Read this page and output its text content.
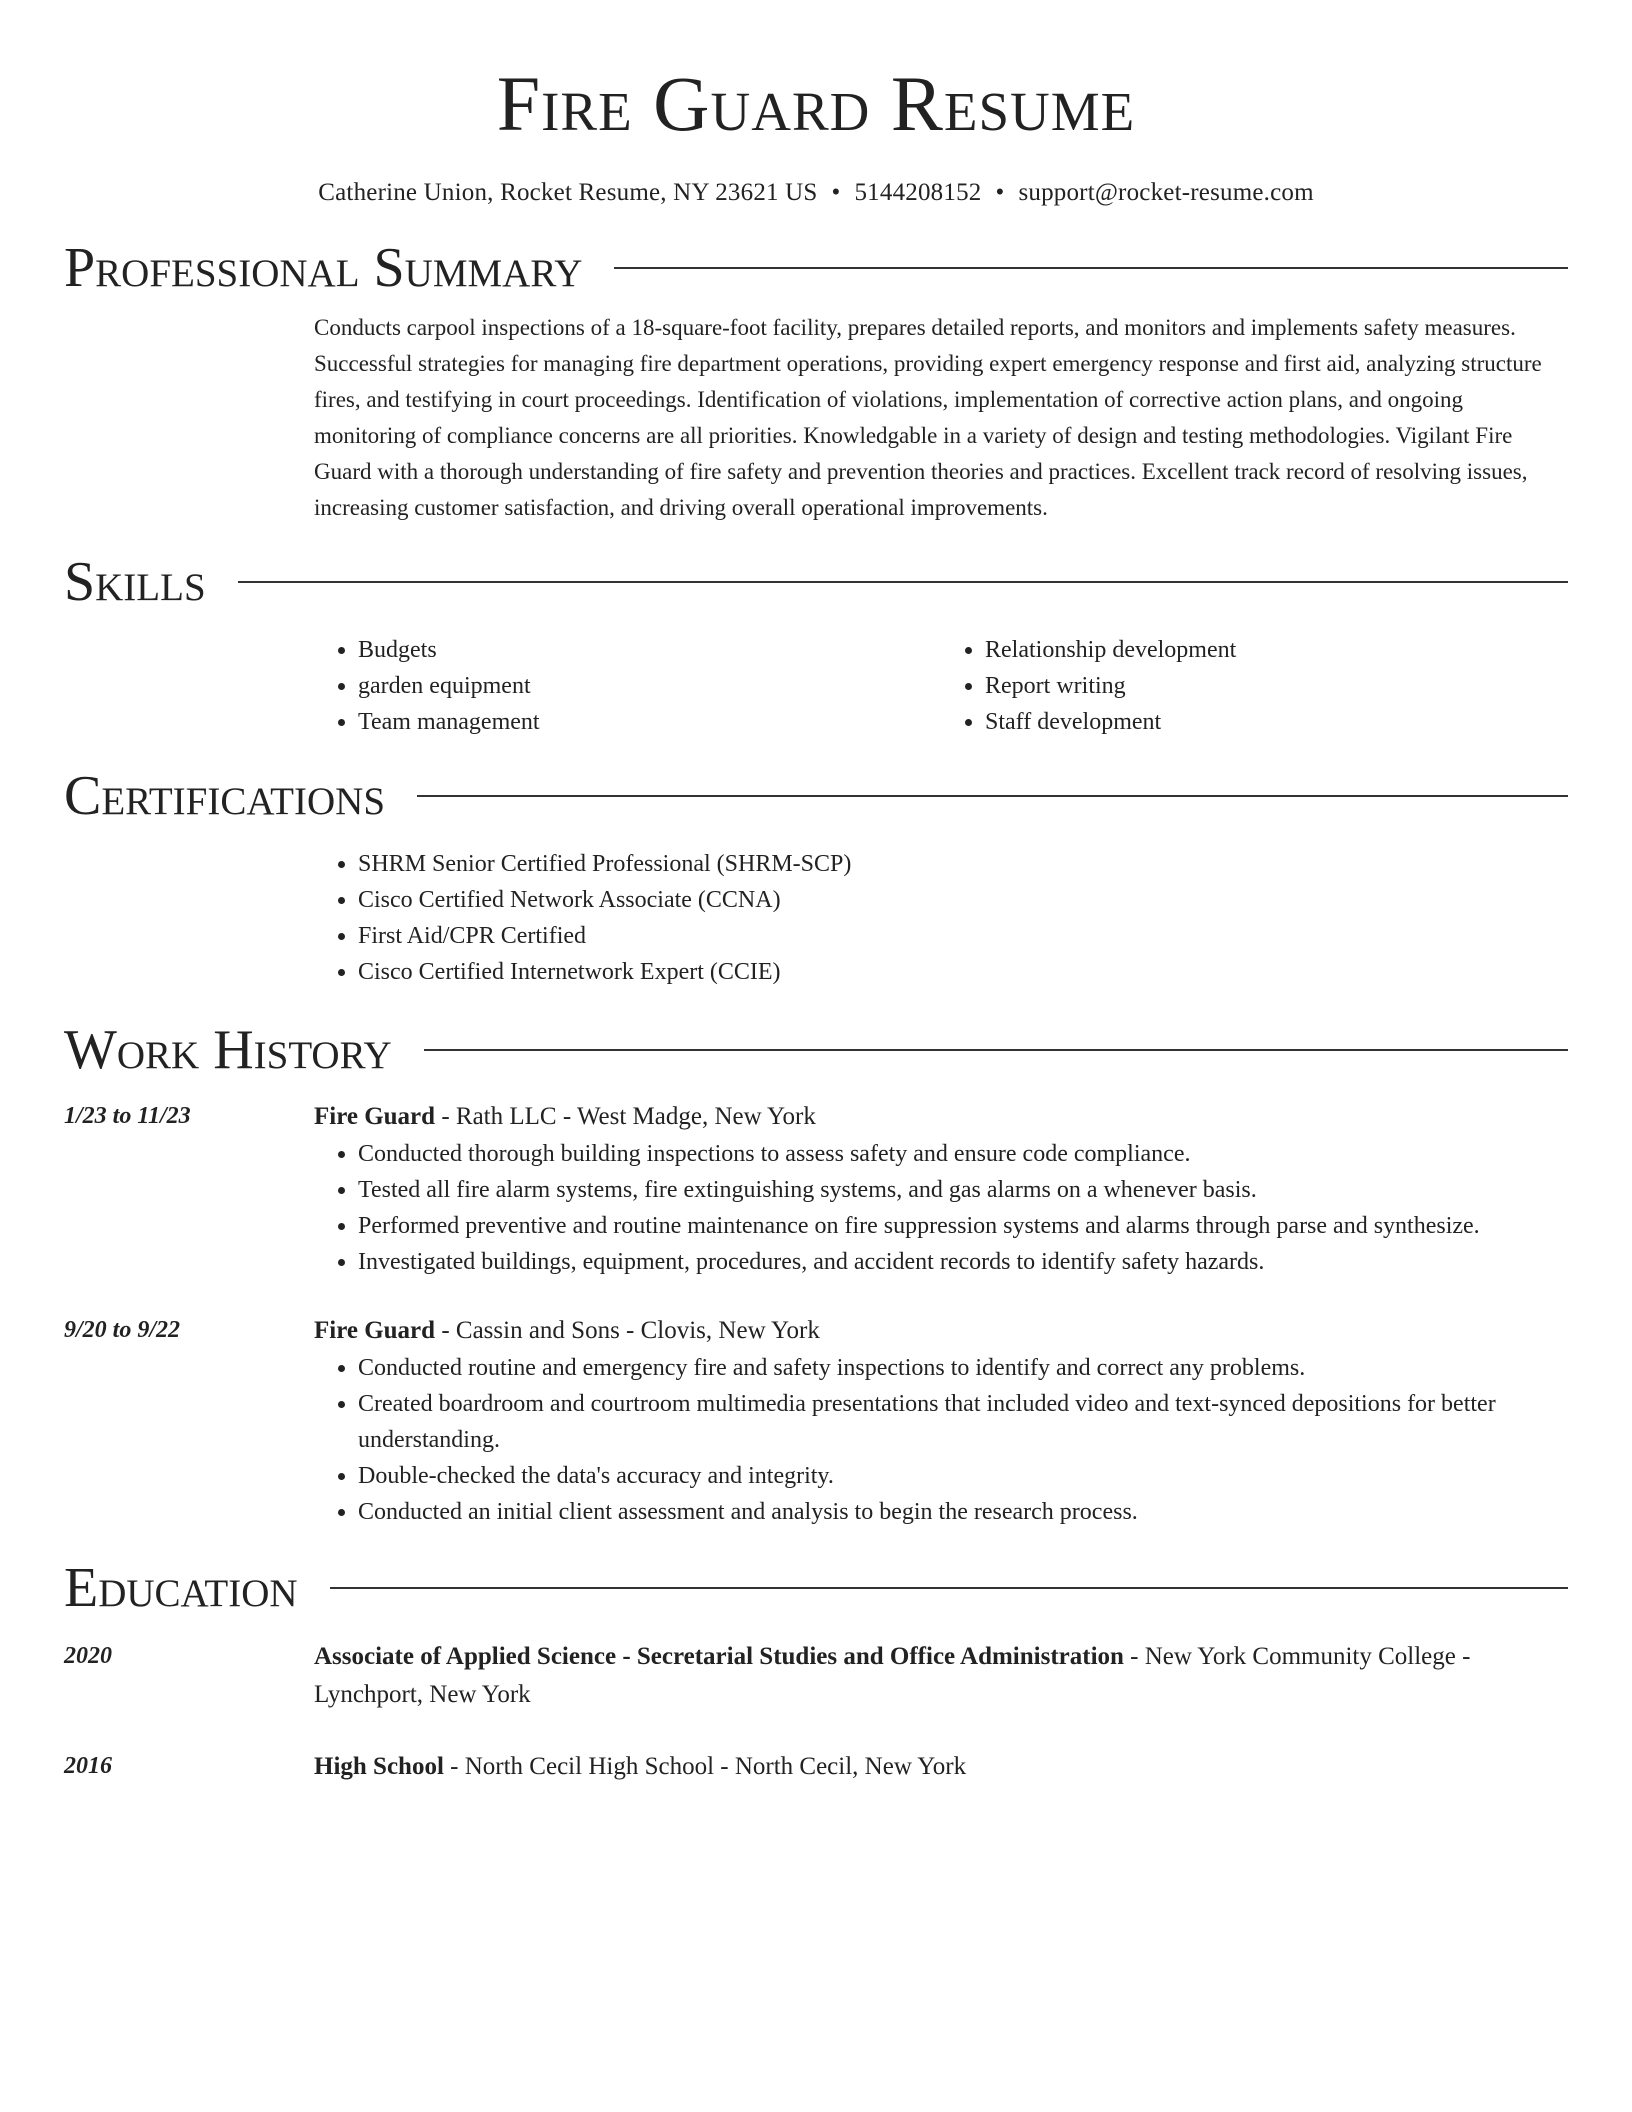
Fire Guard Resume
Catherine Union, Rocket Resume, NY 23621 US • 5144208152 • support@rocket-resume.com
Professional Summary

Conducts carpool inspections of a 18-square-foot facility, prepares detailed reports, and monitors and implements safety measures. Successful strategies for managing fire department operations, providing expert emergency response and first aid, analyzing structure fires, and testifying in court proceedings. Identification of violations, implementation of corrective action plans, and ongoing monitoring of compliance concerns are all priorities. Knowledgable in a variety of design and testing methodologies. Vigilant Fire Guard with a thorough understanding of fire safety and prevention theories and practices. Excellent track record of resolving issues, increasing customer satisfaction, and driving overall operational improvements.

Skills
• Budgets
• garden equipment
• Team management
• Relationship development
• Report writing
• Staff development
Certifications
• SHRM Senior Certified Professional (SHRM-SCP)
• Cisco Certified Network Associate (CCNA)
• First Aid/CPR Certified
• Cisco Certified Internetwork Expert (CCIE)
Work History
1/23 to 11/23	Fire Guard - Rath LLC - West Madge, New York
• Conducted thorough building inspections to assess safety and ensure code compliance.
• Tested all fire alarm systems, fire extinguishing systems, and gas alarms on a whenever basis.
• Performed preventive and routine maintenance on fire suppression systems and alarms through parse and synthesize.
• Investigated buildings, equipment, procedures, and accident records to identify safety hazards.
9/20 to 9/22	Fire Guard - Cassin and Sons - Clovis, New York
• Conducted routine and emergency fire and safety inspections to identify and correct any problems.
• Created boardroom and courtroom multimedia presentations that included video and text-synced depositions for better understanding.
• Double-checked the data's accuracy and integrity.
• Conducted an initial client assessment and analysis to begin the research process.
Education
2020	Associate of Applied Science - Secretarial Studies and Office Administration - New York Community College - Lynchport, New York
2016	High School - North Cecil High School - North Cecil, New York
